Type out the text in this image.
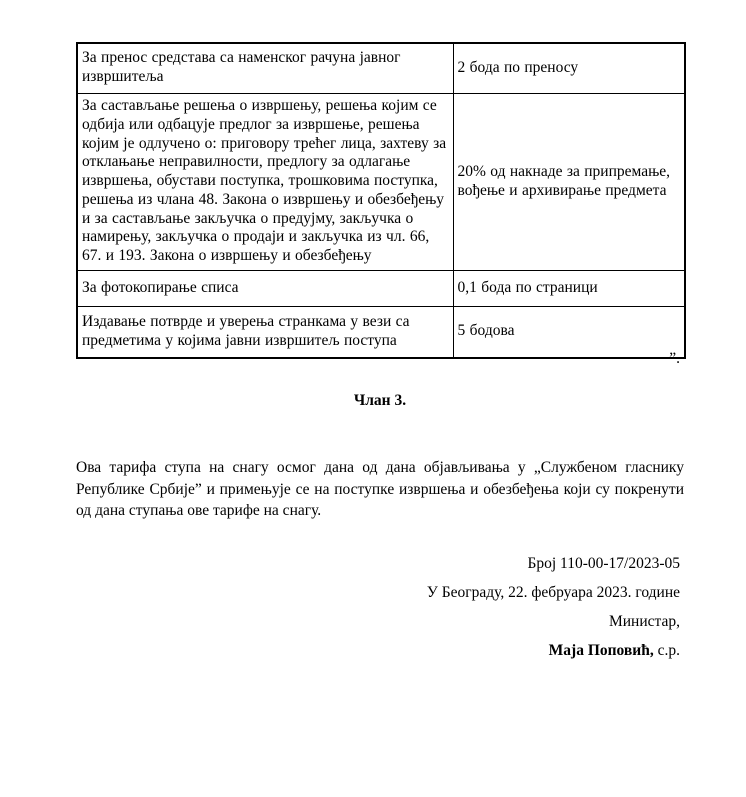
За пренос средстава са наменског рачуна јавног извршитеља	2 бода по преносу
За састављање решења о извршењу, решења којим се одбија или одбацује предлог за извршење, решења којим је одлучено о: приговору трећег лица, захтеву за отклањање неправилности, предлогу за одлагање извршења, обустави поступка, трошковима поступка, решења из члана 48. Закона о извршењу и обезбеђењу и за састављање закључка о предујму, закључка о намирењу, закључка о продаји и закључка из чл. 66, 67. и 193. Закона о извршењу и обезбеђењу	20% од накнаде за припремање, вођење и архивирање предмета
За фотокопирање списа	0,1 бода по страници
Издавање потврде и уверења странкама у вези са предметима у којима јавни извршитељ поступа	5 бодова
”.
Члан 3.
Ова тарифа ступа на снагу осмог дана од дана објављивања у „Службеном гласнику Републике Србије” и примењује се на поступке извршења и обезбеђења који су покренути од дана ступања ове тарифе на снагу.
Број 110-00-17/2023-05
У Београду, 22. фебруара 2023. године
Министар,
Маја Поповић, с.р.
